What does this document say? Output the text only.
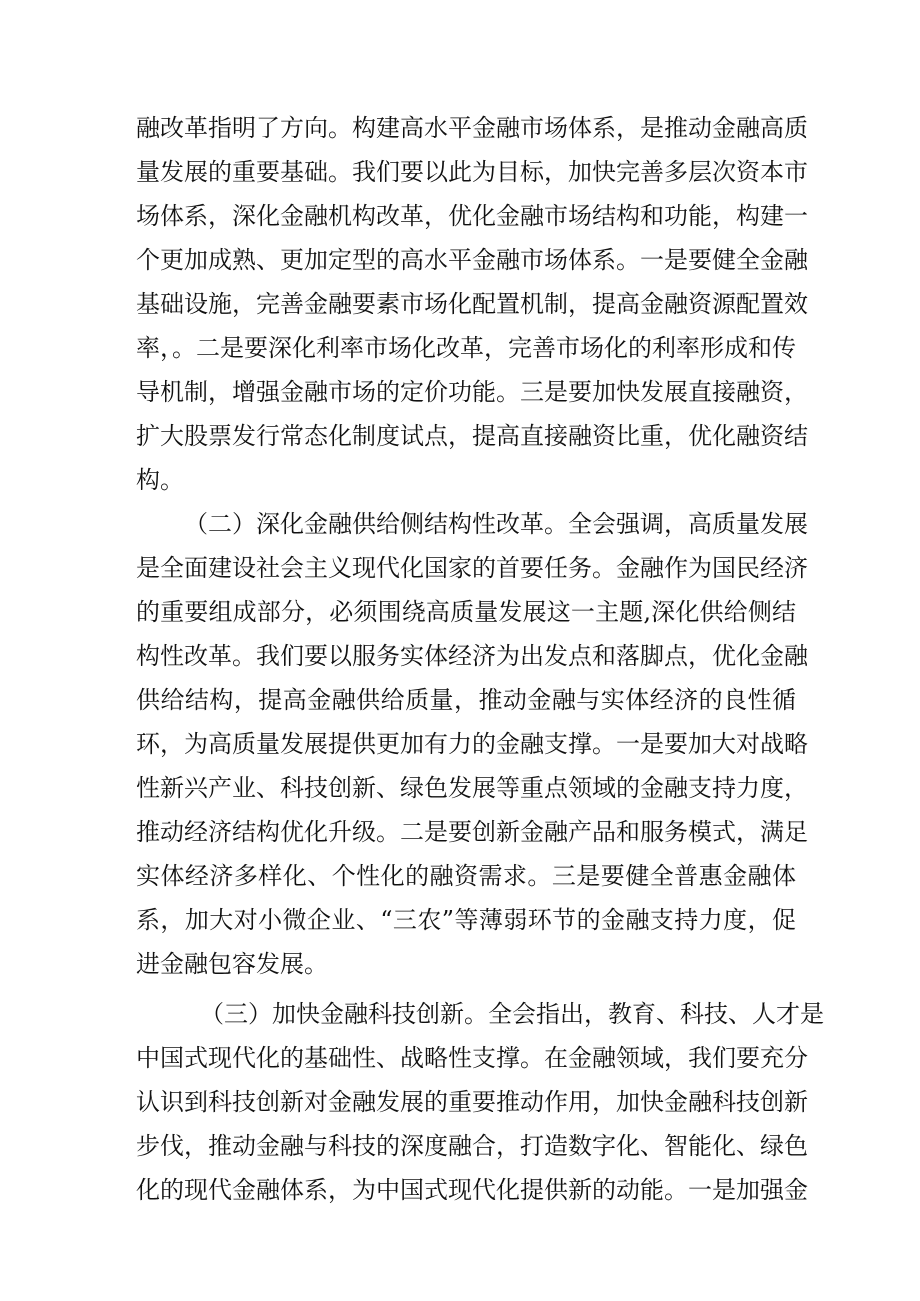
融改革指明了方向。构建高水平金融市场体系，是推动金融高质

量发展的重要基础。我们要以此为目标，加快完善多层次资本市

场体系，深化金融机构改革，优化金融市场结构和功能，构建一

个更加成熟、更加定型的高水平金融市场体系。一是要健全金融

基础设施，完善金融要素市场化配置机制，提高金融资源配置效

率，。二是要深化利率市场化改革，完善市场化的利率形成和传

导机制，增强金融市场的定价功能。三是要加快发展直接融资，

扩大股票发行常态化制度试点，提高直接融资比重，优化融资结

构。

（二）深化金融供给侧结构性改革。全会强调，高质量发展

是全面建设社会主义现代化国家的首要任务。金融作为国民经济

的重要组成部分，必须围绕高质量发展这一主题,深化供给侧结

构性改革。我们要以服务实体经济为出发点和落脚点，优化金融

供给结构，提高金融供给质量，推动金融与实体经济的良性循

环，为高质量发展提供更加有力的金融支撑。一是要加大对战略

性新兴产业、科技创新、绿色发展等重点领域的金融支持力度，

推动经济结构优化升级。二是要创新金融产品和服务模式，满足

实体经济多样化、个性化的融资需求。三是要健全普惠金融体

系，加大对小微企业、“三农”等薄弱环节的金融支持力度，促

进金融包容发展。

（三）加快金融科技创新。全会指出，教育、科技、人才是

中国式现代化的基础性、战略性支撑。在金融领域，我们要充分

认识到科技创新对金融发展的重要推动作用，加快金融科技创新

步伐，推动金融与科技的深度融合，打造数字化、智能化、绿色

化的现代金融体系，为中国式现代化提供新的动能。一是加强金
